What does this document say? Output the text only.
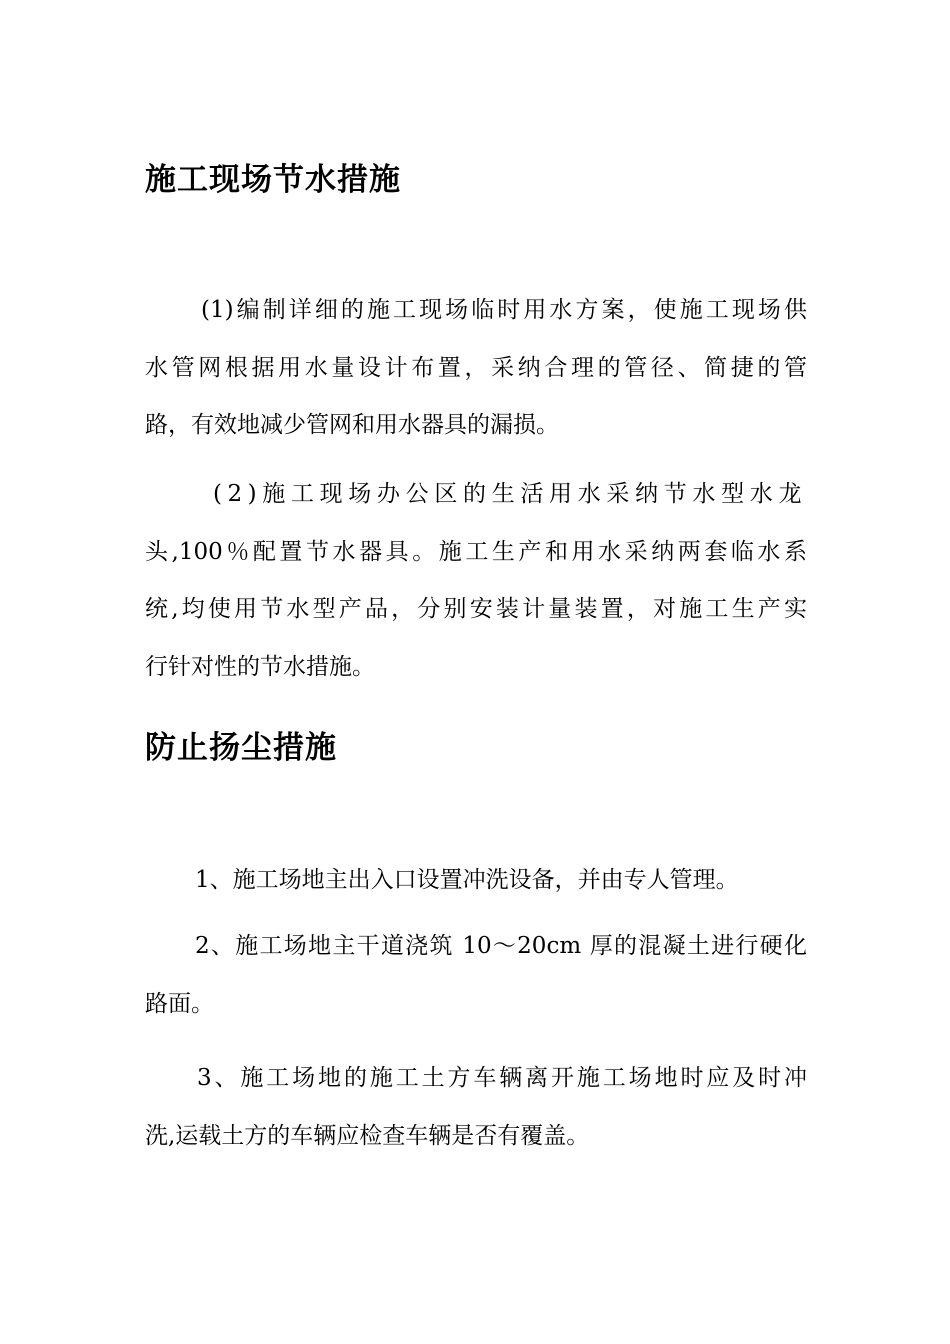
施工现场节水措施
(1)编制详细的施工现场临时用水方案，使施工现场供
水管网根据用水量设计布置，采纳合理的管径、简捷的管
路，有效地减少管网和用水器具的漏损。
(2)施工现场办公区的生活用水采纳节水型水龙
头,100％配置节水器具。施工生产和用水采纳两套临水系
统,均使用节水型产品，分别安装计量装置，对施工生产实
行针对性的节水措施。
防止扬尘措施
1、施工场地主出入口设置冲洗设备，并由专人管理。
2、施工场地主干道浇筑 10～20cm 厚的混凝土进行硬化
路面。
3、施工场地的施工土方车辆离开施工场地时应及时冲
洗,运载土方的车辆应检查车辆是否有覆盖。
